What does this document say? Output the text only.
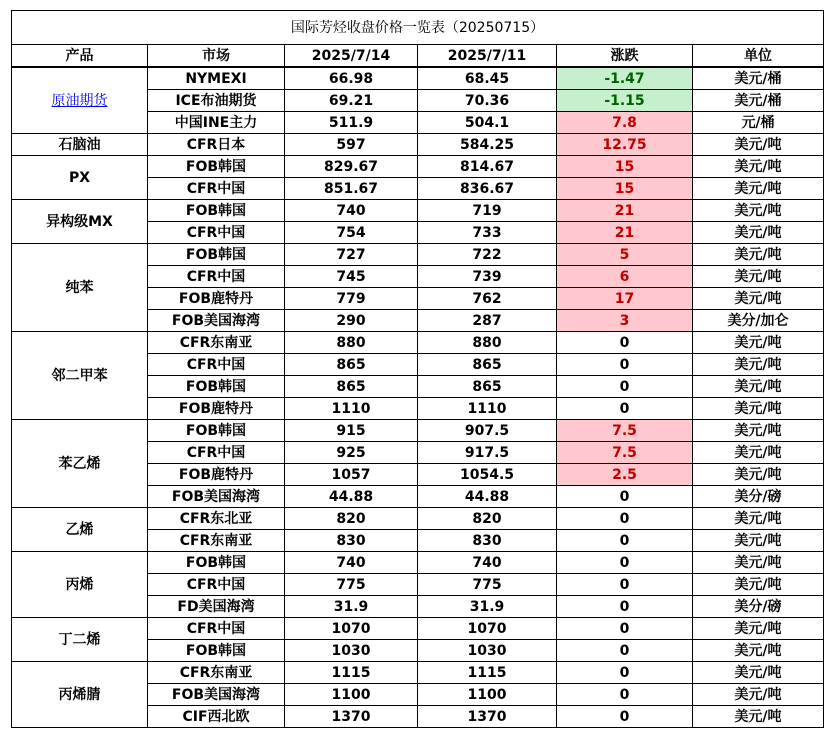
国际芳烃收盘价格一览表（20250715）					
产品	市场	2025/7/14	2025/7/11	涨跌	单位
原油期货	NYMEXI	66.98	68.45	-1.47	美元/桶
	ICE布油期货	69.21	70.36	-1.15	美元/桶
	中国INE主力	511.9	504.1	7.8	元/桶
石脑油	CFR日本	597	584.25	12.75	美元/吨
PX	FOB韩国	829.67	814.67	15	美元/吨
	CFR中国	851.67	836.67	15	美元/吨
异构级MX	FOB韩国	740	719	21	美元/吨
	CFR中国	754	733	21	美元/吨
纯苯	FOB韩国	727	722	5	美元/吨
	CFR中国	745	739	6	美元/吨
	FOB鹿特丹	779	762	17	美元/吨
	FOB美国海湾	290	287	3	美分/加仑
邻二甲苯	CFR东南亚	880	880	0	美元/吨
	CFR中国	865	865	0	美元/吨
	FOB韩国	865	865	0	美元/吨
	FOB鹿特丹	1110	1110	0	美元/吨
苯乙烯	FOB韩国	915	907.5	7.5	美元/吨
	CFR中国	925	917.5	7.5	美元/吨
	FOB鹿特丹	1057	1054.5	2.5	美元/吨
	FOB美国海湾	44.88	44.88	0	美分/磅
乙烯	CFR东北亚	820	820	0	美元/吨
	CFR东南亚	830	830	0	美元/吨
丙烯	FOB韩国	740	740	0	美元/吨
	CFR中国	775	775	0	美元/吨
	FD美国海湾	31.9	31.9	0	美分/磅
丁二烯	CFR中国	1070	1070	0	美元/吨
	FOB韩国	1030	1030	0	美元/吨
丙烯腈	CFR东南亚	1115	1115	0	美元/吨
	FOB美国海湾	1100	1100	0	美元/吨
	CIF西北欧	1370	1370	0	美元/吨
